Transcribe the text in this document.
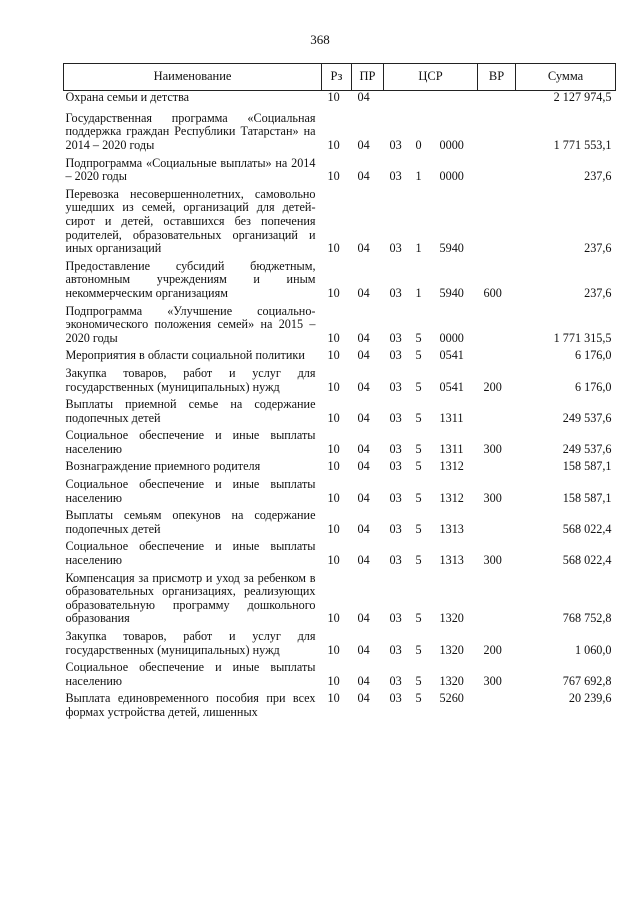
368
Наименование	Рз	ПР	ЦСР			ВР	Сумма
Охрана семьи и детства	10	04					2 127 974,5
Государственная программа «Социальная поддержка граждан Республики Татарстан» на 2014 – 2020 годы	10	04	03	0	0000		1 771 553,1
Подпрограмма «Социальные выплаты» на 2014 – 2020 годы	10	04	03	1	0000		237,6
Перевозка несовершеннолетних, самовольно ушедших из семей, организаций для детей-сирот и детей, оставшихся без попечения родителей, образовательных организаций и иных организаций	10	04	03	1	5940		237,6
Предоставление субсидий бюджетным, автономным учреждениям и иным некоммерческим организациям	10	04	03	1	5940	600	237,6
Подпрограмма «Улучшение социально-экономического положения семей» на 2015 – 2020 годы	10	04	03	5	0000		1 771 315,5
Мероприятия в области социальной политики	10	04	03	5	0541		6 176,0
Закупка товаров, работ и услуг для государственных (муниципальных) нужд	10	04	03	5	0541	200	6 176,0
Выплаты приемной семье на содержание подопечных детей	10	04	03	5	1311		249 537,6
Социальное обеспечение и иные выплаты населению	10	04	03	5	1311	300	249 537,6
Вознаграждение приемного родителя	10	04	03	5	1312		158 587,1
Социальное обеспечение и иные выплаты населению	10	04	03	5	1312	300	158 587,1
Выплаты семьям опекунов на содержание подопечных детей	10	04	03	5	1313		568 022,4
Социальное обеспечение и иные выплаты населению	10	04	03	5	1313	300	568 022,4
Компенсация за присмотр и уход за ребенком в образовательных организациях, реализующих образовательную программу дошкольного образования	10	04	03	5	1320		768 752,8
Закупка товаров, работ и услуг для государственных (муниципальных) нужд	10	04	03	5	1320	200	1 060,0
Социальное обеспечение и иные выплаты населению	10	04	03	5	1320	300	767 692,8
Выплата единовременного пособия при всех формах устройства детей, лишенных	10	04	03	5	5260		20 239,6
